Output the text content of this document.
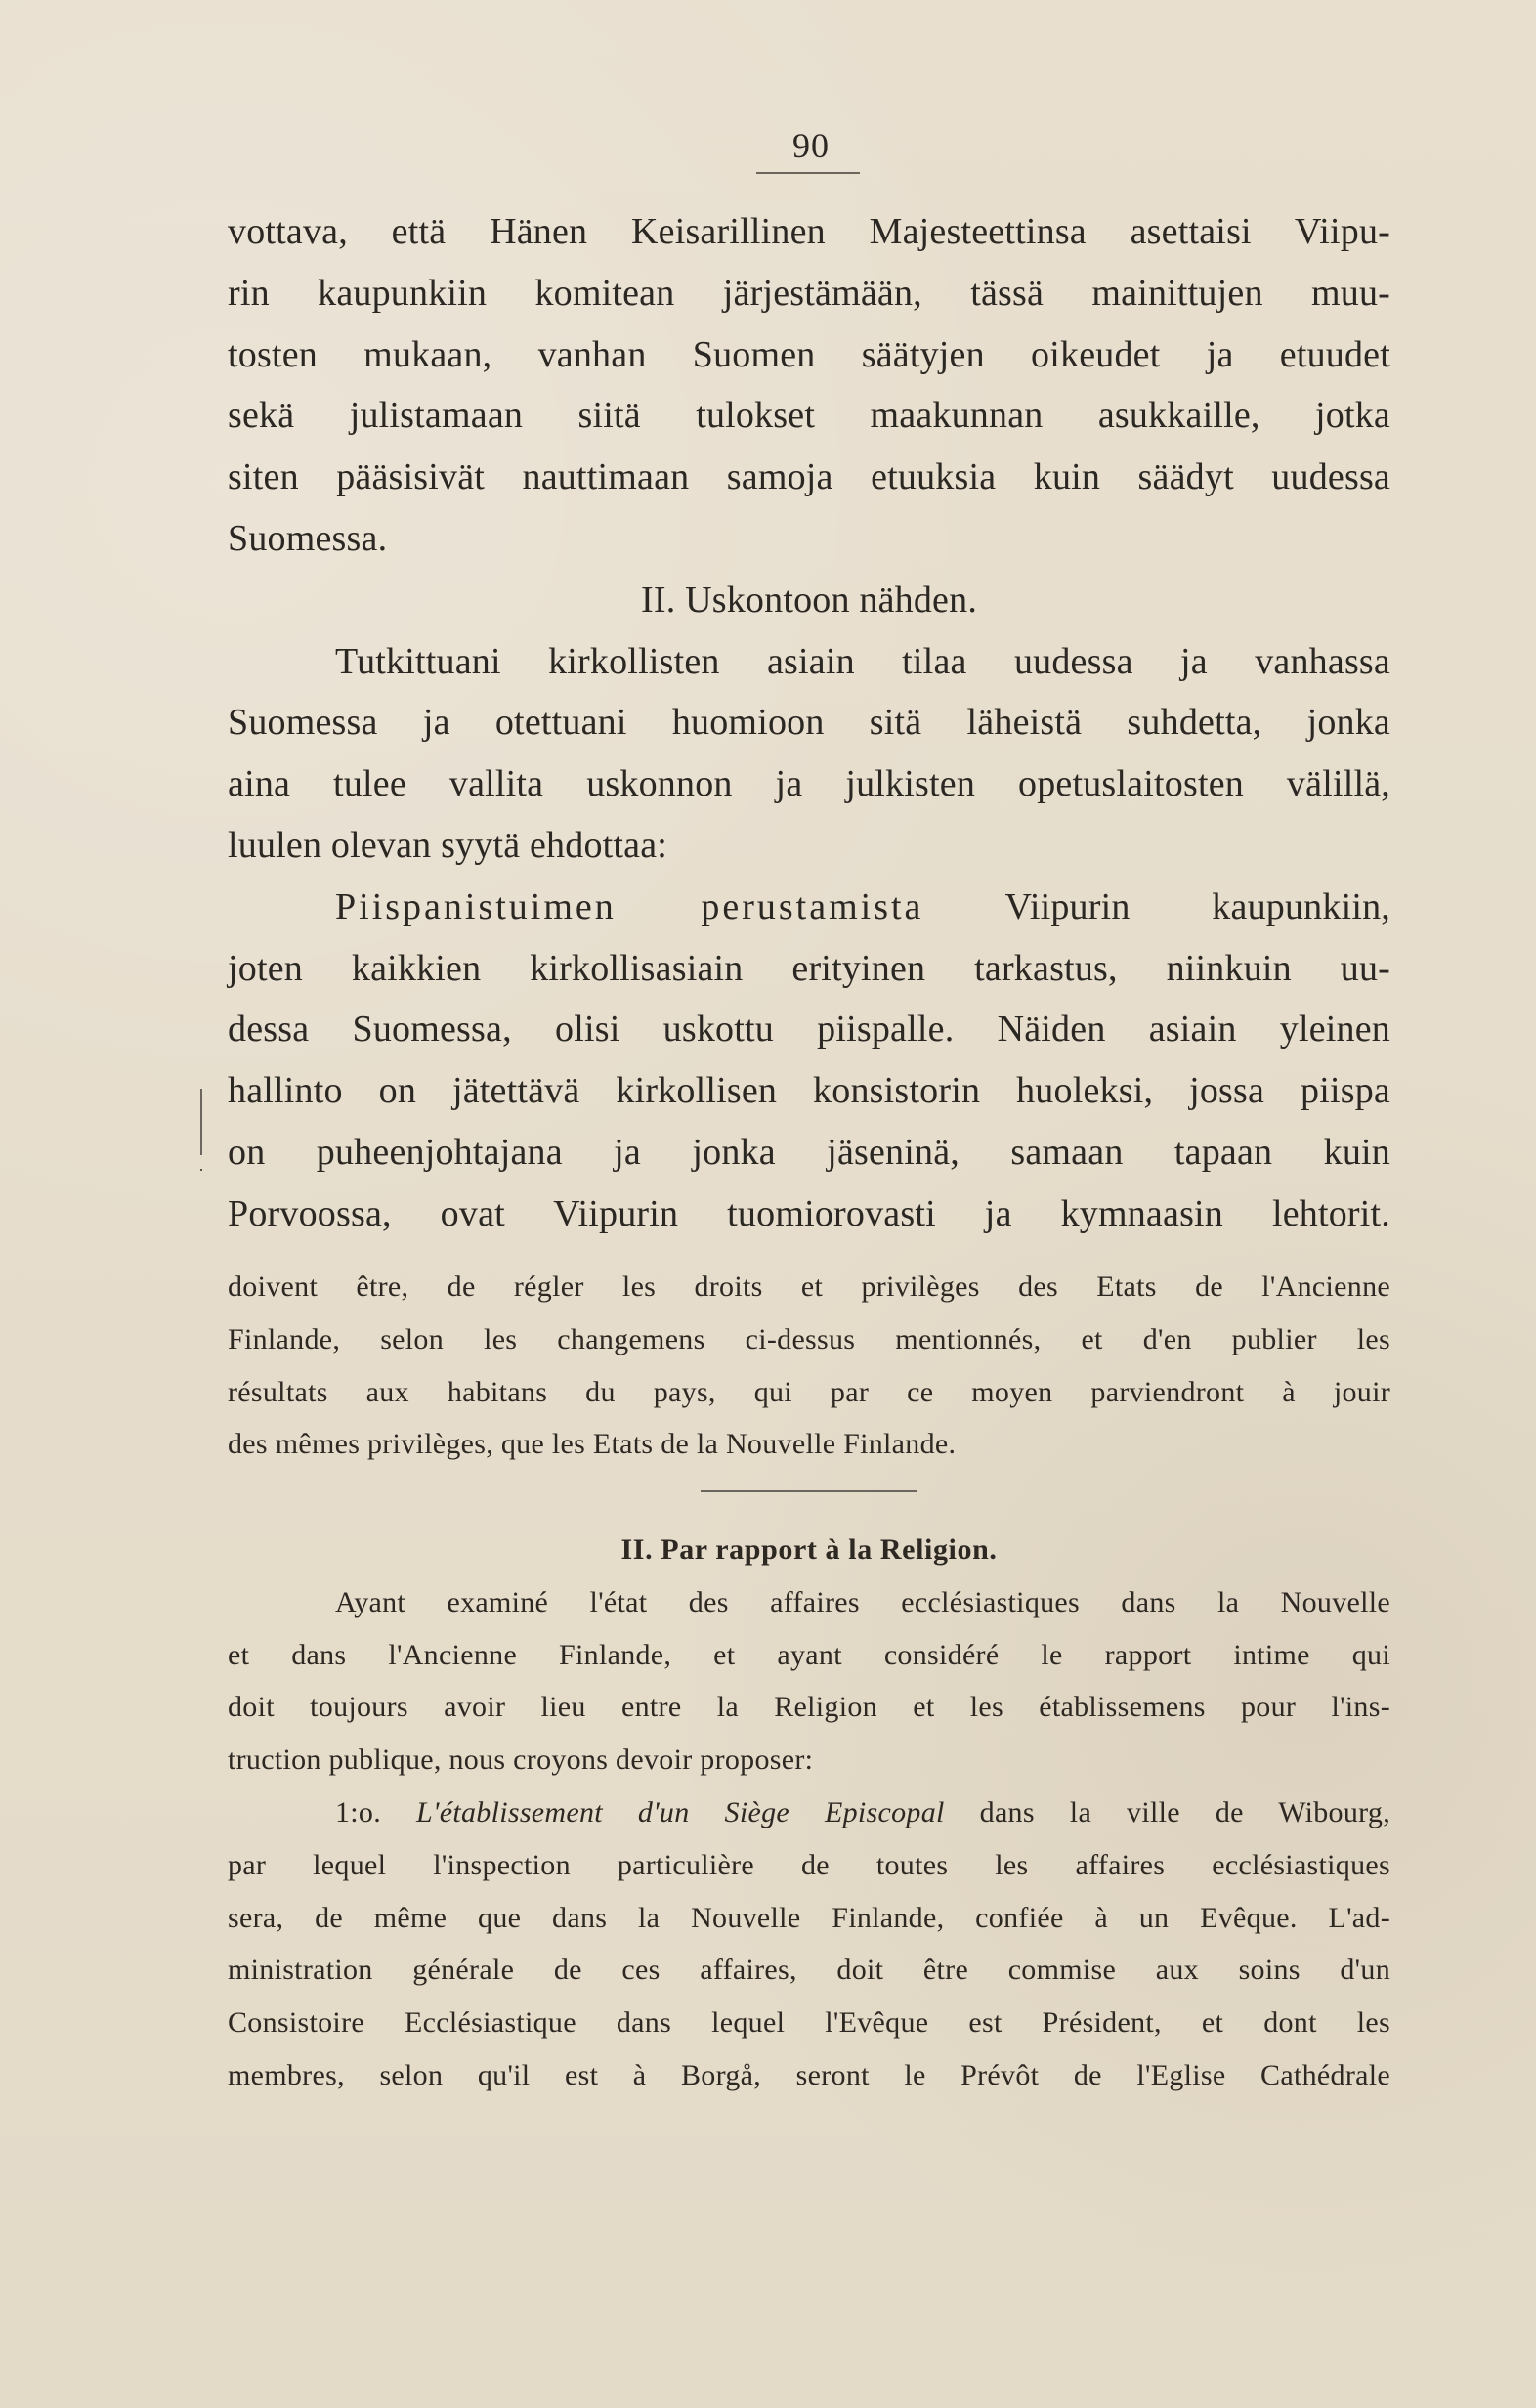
90
vottava, että Hänen Keisarillinen Majesteettinsa asettaisi Viipu-
rin kaupunkiin komitean järjestämään, tässä mainittujen muu-
tosten mukaan, vanhan Suomen säätyjen oikeudet ja etuudet
sekä julistamaan siitä tulokset maakunnan asukkaille, jotka
siten pääsisivät nauttimaan samoja etuuksia kuin säädyt uudessa
Suomessa.
II. Uskontoon nähden.
Tutkittuani kirkollisten asiain tilaa uudessa ja vanhassa
Suomessa ja otettuani huomioon sitä läheistä suhdetta, jonka
aina tulee vallita uskonnon ja julkisten opetuslaitosten välillä,
luulen olevan syytä ehdottaa:
Piispanistuimen perustamista Viipurin kaupunkiin,
joten kaikkien kirkollisasiain erityinen tarkastus, niinkuin uu-
dessa Suomessa, olisi uskottu piispalle. Näiden asiain yleinen
hallinto on jätettävä kirkollisen konsistorin huoleksi, jossa piispa
on puheenjohtajana ja jonka jäseninä, samaan tapaan kuin
Porvoossa, ovat Viipurin tuomiorovasti ja kymnaasin lehtorit.
doivent être, de régler les droits et privilèges des Etats de l'Ancienne
Finlande, selon les changemens ci-dessus mentionnés, et d'en publier les
résultats aux habitans du pays, qui par ce moyen parviendront à jouir
des mêmes privilèges, que les Etats de la Nouvelle Finlande.
II. Par rapport à la Religion.
Ayant examiné l'état des affaires ecclésiastiques dans la Nouvelle
et dans l'Ancienne Finlande, et ayant considéré le rapport intime qui
doit toujours avoir lieu entre la Religion et les établissemens pour l'ins-
truction publique, nous croyons devoir proposer:
1:o. L'établissement d'un Siège Episcopal dans la ville de Wibourg,
par lequel l'inspection particulière de toutes les affaires ecclésiastiques
sera, de même que dans la Nouvelle Finlande, confiée à un Evêque. L'ad-
ministration générale de ces affaires, doit être commise aux soins d'un
Consistoire Ecclésiastique dans lequel l'Evêque est Président, et dont les
membres, selon qu'il est à Borgå, seront le Prévôt de l'Eglise Cathédrale
